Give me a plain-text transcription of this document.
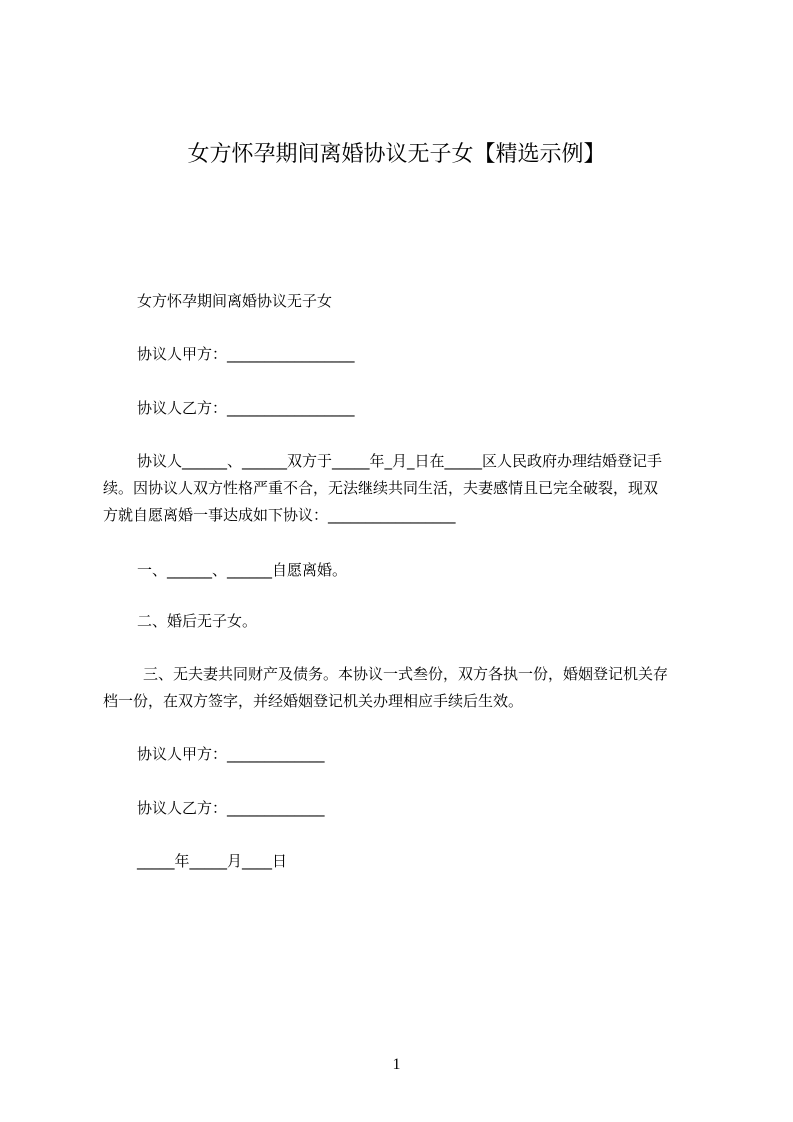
女方怀孕期间离婚协议无子女【精选示例】
女方怀孕期间离婚协议无子女
协议人甲方：_________________
协议人乙方：_________________
协议人______、______双方于_____年_月_日在_____区人民政府办理结婚登记手
续。因协议人双方性格严重不合，无法继续共同生活，夫妻感情且已完全破裂，现双
方就自愿离婚一事达成如下协议：_________________
一、______、______自愿离婚。
二、婚后无子女。
三、无夫妻共同财产及债务。本协议一式叁份，双方各执一份，婚姻登记机关存
档一份，在双方签字，并经婚姻登记机关办理相应手续后生效。
协议人甲方：_____________
协议人乙方：_____________
_____年_____月____日
1
